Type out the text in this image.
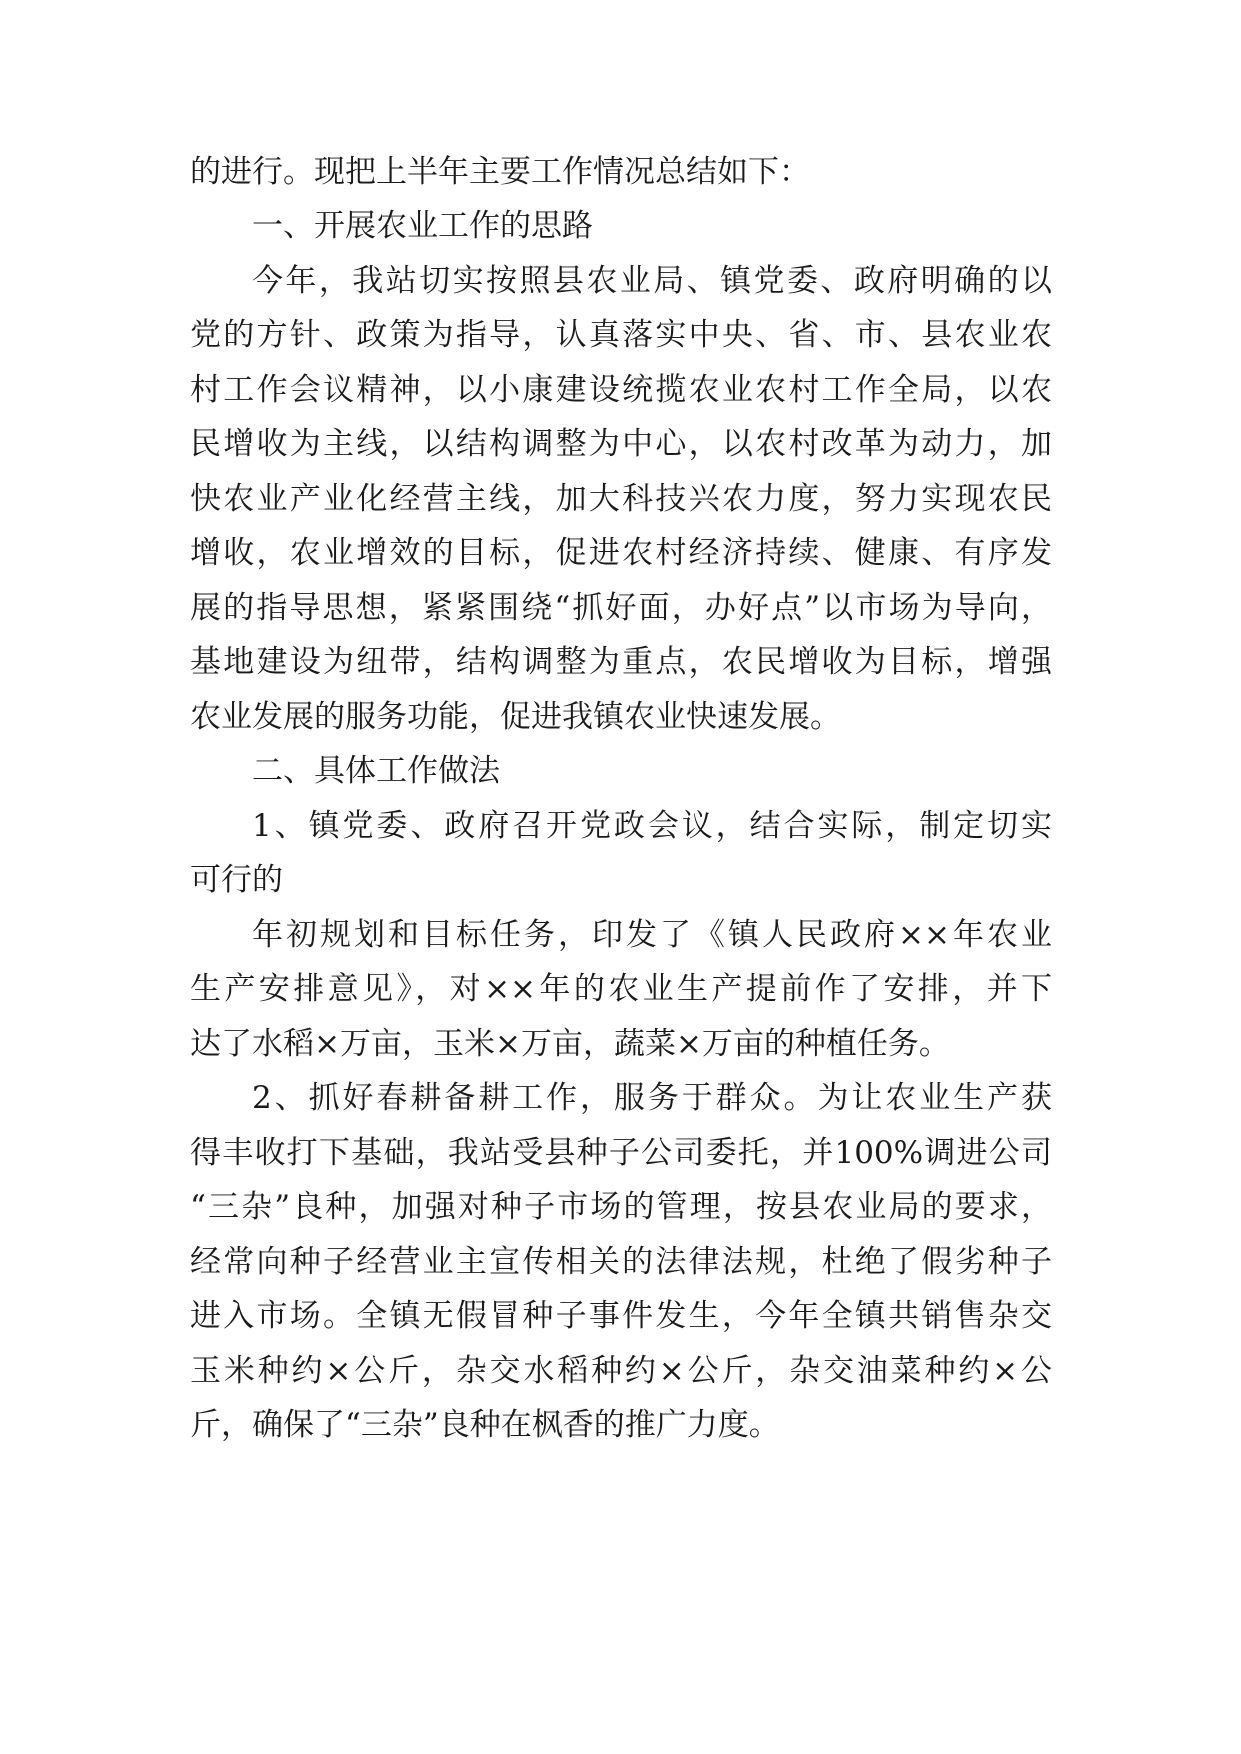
的进行。现把上半年主要工作情况总结如下：
一、开展农业工作的思路
今年，我站切实按照县农业局、镇党委、政府明确的以
党的方针、政策为指导，认真落实中央、省、市、县农业农
村工作会议精神，以小康建设统揽农业农村工作全局，以农
民增收为主线，以结构调整为中心，以农村改革为动力，加
快农业产业化经营主线，加大科技兴农力度，努力实现农民
增收，农业增效的目标，促进农村经济持续、健康、有序发
展的指导思想，紧紧围绕“抓好面，办好点”以市场为导向，
基地建设为纽带，结构调整为重点，农民增收为目标，增强
农业发展的服务功能，促进我镇农业快速发展。
二、具体工作做法
1、镇党委、政府召开党政会议，结合实际，制定切实
可行的
年初规划和目标任务，印发了《镇人民政府××年农业
生产安排意见》，对××年的农业生产提前作了安排，并下
达了水稻×万亩，玉米×万亩，蔬菜×万亩的种植任务。
2、抓好春耕备耕工作，服务于群众。为让农业生产获
得丰收打下基础，我站受县种子公司委托，并100%调进公司
“三杂”良种，加强对种子市场的管理，按县农业局的要求，
经常向种子经营业主宣传相关的法律法规，杜绝了假劣种子
进入市场。全镇无假冒种子事件发生，今年全镇共销售杂交
玉米种约×公斤，杂交水稻种约×公斤，杂交油菜种约×公
斤，确保了“三杂”良种在枫香的推广力度。
